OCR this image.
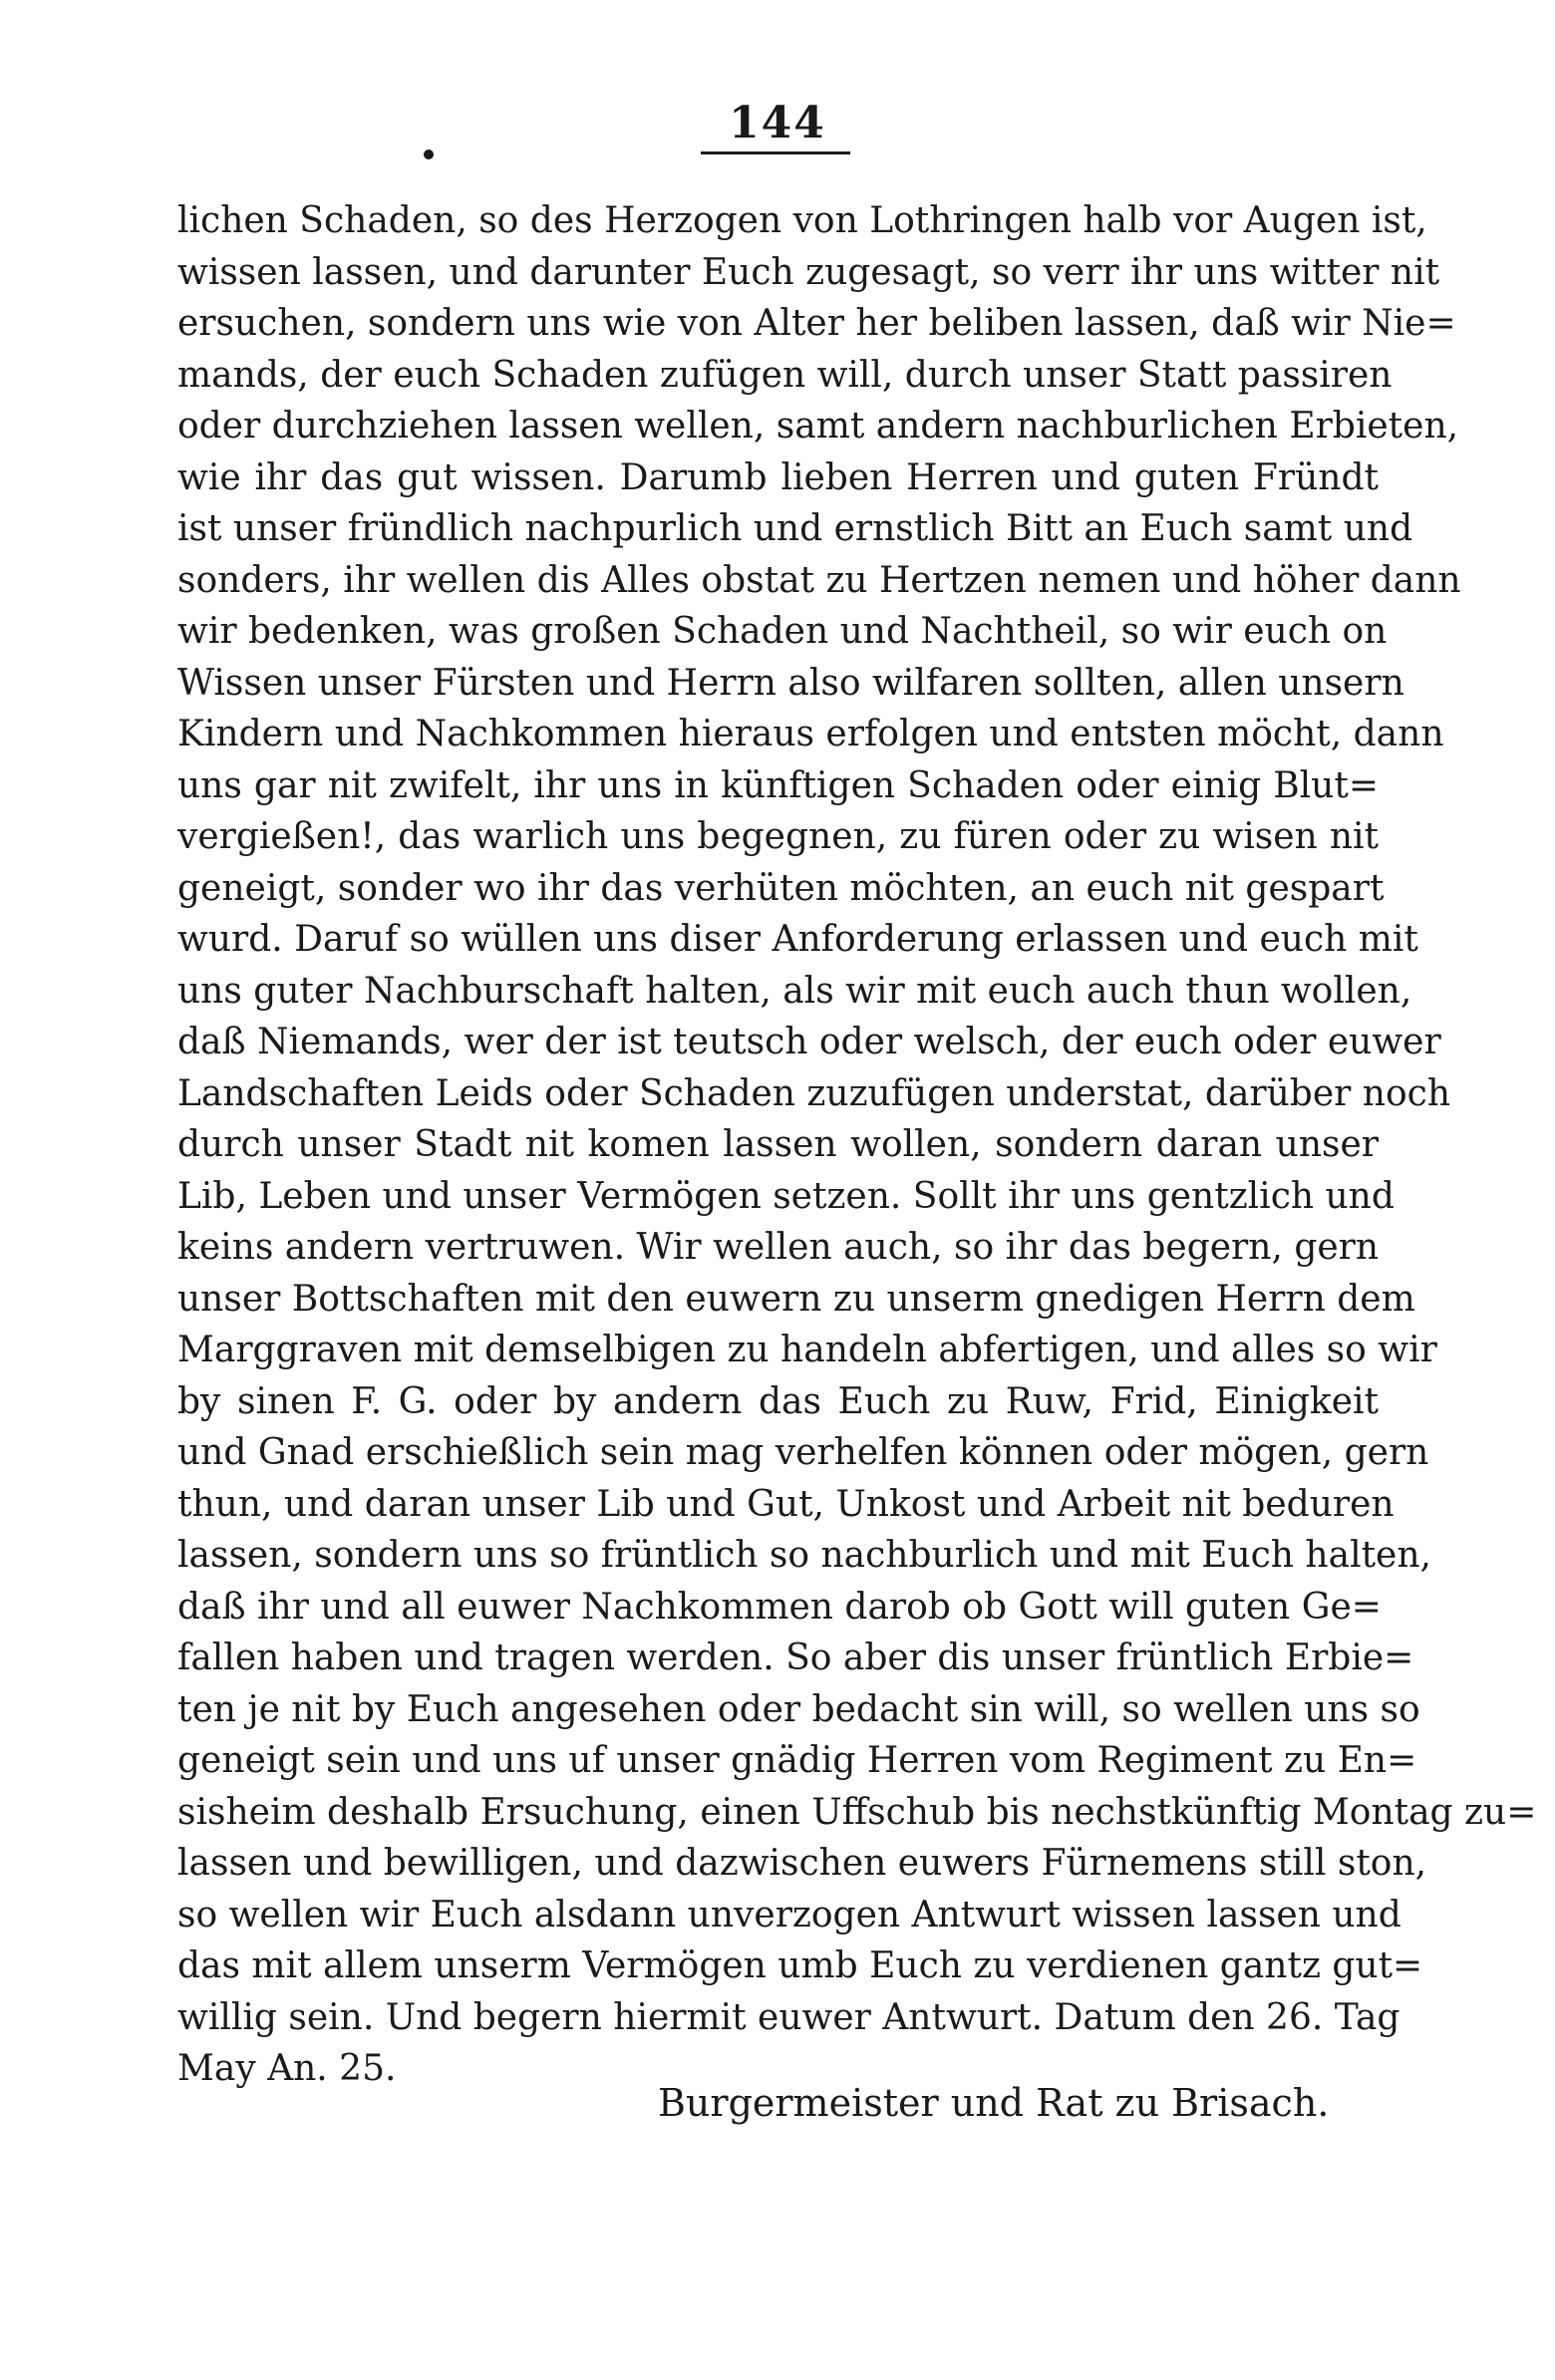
144
lichen Schaden, so des Herzogen von Lothringen halb vor Augen ist,
wissen lassen, und darunter Euch zugesagt, so verr ihr uns witter nit
ersuchen, sondern uns wie von Alter her beliben lassen, daß wir Nie=
mands, der euch Schaden zufügen will, durch unser Statt passiren
oder durchziehen lassen wellen, samt andern nachburlichen Erbieten,
wie ihr das gut wissen. Darumb lieben Herren und guten Fründt
ist unser fründlich nachpurlich und ernstlich Bitt an Euch samt und
sonders, ihr wellen dis Alles obstat zu Hertzen nemen und höher dann
wir bedenken, was großen Schaden und Nachtheil, so wir euch on
Wissen unser Fürsten und Herrn also wilfaren sollten, allen unsern
Kindern und Nachkommen hieraus erfolgen und entsten möcht, dann
uns gar nit zwifelt, ihr uns in künftigen Schaden oder einig Blut=
vergießen!, das warlich uns begegnen, zu füren oder zu wisen nit
geneigt, sonder wo ihr das verhüten möchten, an euch nit gespart
wurd. Daruf so wüllen uns diser Anforderung erlassen und euch mit
uns guter Nachburschaft halten, als wir mit euch auch thun wollen,
daß Niemands, wer der ist teutsch oder welsch, der euch oder euwer
Landschaften Leids oder Schaden zuzufügen understat, darüber noch
durch unser Stadt nit komen lassen wollen, sondern daran unser
Lib, Leben und unser Vermögen setzen. Sollt ihr uns gentzlich und
keins andern vertruwen. Wir wellen auch, so ihr das begern, gern
unser Bottschaften mit den euwern zu unserm gnedigen Herrn dem
Marggraven mit demselbigen zu handeln abfertigen, und alles so wir
by sinen F. G. oder by andern das Euch zu Ruw, Frid, Einigkeit
und Gnad erschießlich sein mag verhelfen können oder mögen, gern
thun, und daran unser Lib und Gut, Unkost und Arbeit nit beduren
lassen, sondern uns so früntlich so nachburlich und mit Euch halten,
daß ihr und all euwer Nachkommen darob ob Gott will guten Ge=
fallen haben und tragen werden. So aber dis unser früntlich Erbie=
ten je nit by Euch angesehen oder bedacht sin will, so wellen uns so
geneigt sein und uns uf unser gnädig Herren vom Regiment zu En=
sisheim deshalb Ersuchung, einen Uffschub bis nechstkünftig Montag zu=
lassen und bewilligen, und dazwischen euwers Fürnemens still ston,
so wellen wir Euch alsdann unverzogen Antwurt wissen lassen und
das mit allem unserm Vermögen umb Euch zu verdienen gantz gut=
willig sein. Und begern hiermit euwer Antwurt. Datum den 26. Tag
May An. 25.
Burgermeister und Rat zu Brisach.
